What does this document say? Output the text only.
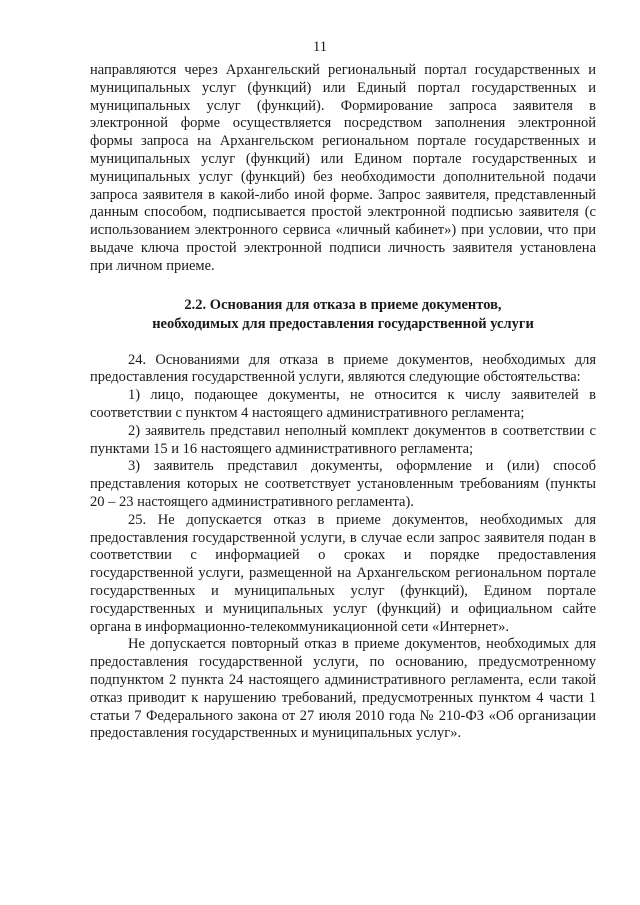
11

направляются через Архангельский региональный портал государственных и муниципальных услуг (функций) или Единый портал государственных и муниципальных услуг (функций). Формирование запроса заявителя в электронной форме осуществляется посредством заполнения электронной формы запроса на Архангельском региональном портале государственных и муниципальных услуг (функций) или Едином портале государственных и муниципальных услуг (функций) без необходимости дополнительной подачи запроса заявителя в какой-либо иной форме. Запрос заявителя, представленный данным способом, подписывается простой электронной подписью заявителя (с использованием электронного сервиса «личный кабинет») при условии, что при выдаче ключа простой электронной подписи личность заявителя установлена при личном приеме.

2.2. Основания для отказа в приеме документов,
необходимых для предоставления государственной услуги

24. Основаниями для отказа в приеме документов, необходимых для предоставления государственной услуги, являются следующие обстоятельства:

1) лицо, подающее документы, не относится к числу заявителей в соответствии с пунктом 4 настоящего административного регламента;

2) заявитель представил неполный комплект документов в соответствии с пунктами 15 и 16 настоящего административного регламента;

3) заявитель представил документы, оформление и (или) способ представления которых не соответствует установленным требованиям (пункты 20 – 23 настоящего административного регламента).

25. Не допускается отказ в приеме документов, необходимых для предоставления государственной услуги, в случае если запрос заявителя подан в соответствии с информацией о сроках и порядке предоставления государственной услуги, размещенной на Архангельском региональном портале государственных и муниципальных услуг (функций), Едином портале государственных и муниципальных услуг (функций) и официальном сайте органа в информационно-телекоммуникационной сети «Интернет».

Не допускается повторный отказ в приеме документов, необходимых для предоставления государственной услуги, по основанию, предусмотренному подпунктом 2 пункта 24 настоящего административного регламента, если такой отказ приводит к нарушению требований, предусмотренных пунктом 4 части 1 статьи 7 Федерального закона от 27 июля 2010 года № 210-ФЗ «Об организации предоставления государственных и муниципальных услуг».
